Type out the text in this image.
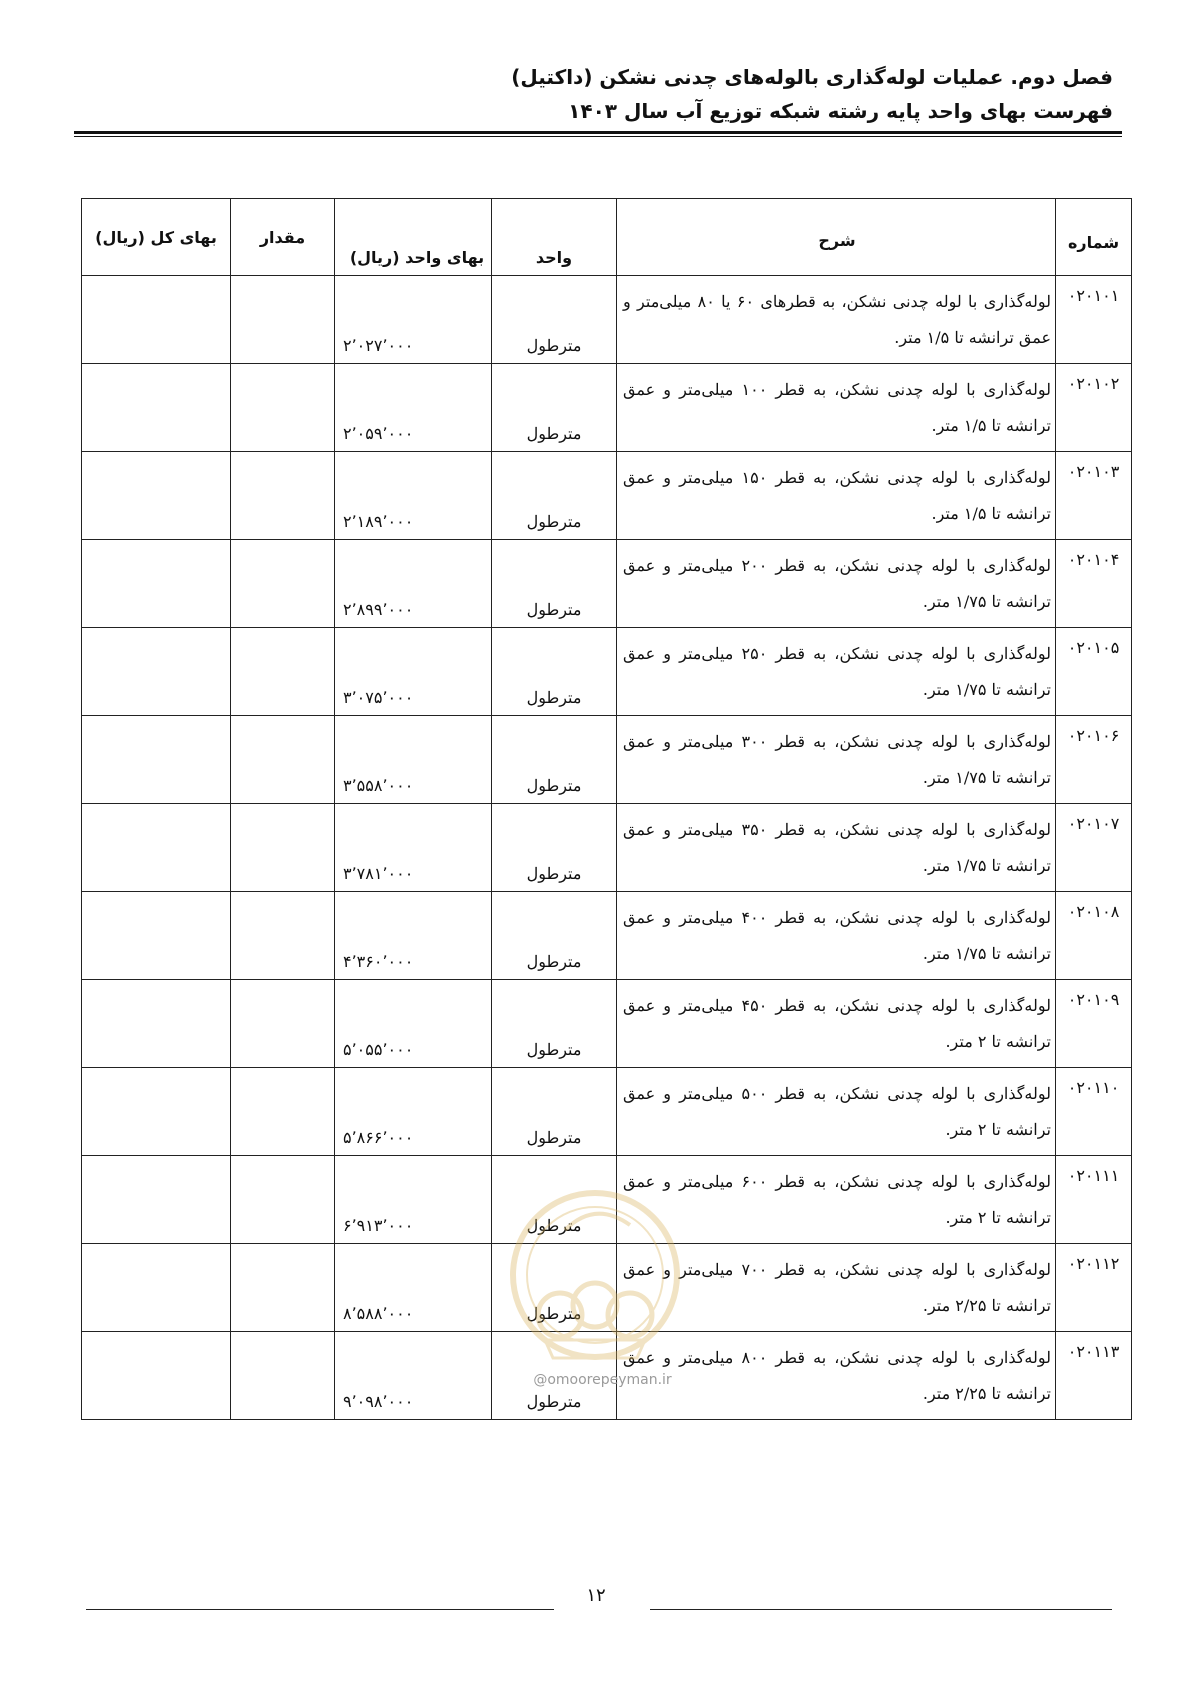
فصل دوم. عملیات لوله‌گذاری بالوله‌های چدنی نشکن (داکتیل)
فهرست بهای واحد پایه رشته شبکه توزیع آب سال ۱۴۰۳
شماره	شرح	واحد	بهای واحد (ریال)	مقدار	بهای کل (ریال)
۰۲۰۱۰۱	لوله‌گذاری با لوله چدنی نشکن، به قطرهای ۶۰ یا ۸۰ میلی‌متر و عمق ترانشه تا ۱/۵ متر.	مترطول	۲٬۰۲۷٬۰۰۰		
۰۲۰۱۰۲	لوله‌گذاری با لوله چدنی نشکن، به قطر ۱۰۰ میلی‌متر و عمق ترانشه تا ۱/۵ متر.	مترطول	۲٬۰۵۹٬۰۰۰		
۰۲۰۱۰۳	لوله‌گذاری با لوله چدنی نشکن، به قطر ۱۵۰ میلی‌متر و عمق ترانشه تا ۱/۵ متر.	مترطول	۲٬۱۸۹٬۰۰۰		
۰۲۰۱۰۴	لوله‌گذاری با لوله چدنی نشکن، به قطر ۲۰۰ میلی‌متر و عمق ترانشه تا ۱/۷۵ متر.	مترطول	۲٬۸۹۹٬۰۰۰		
۰۲۰۱۰۵	لوله‌گذاری با لوله چدنی نشکن، به قطر ۲۵۰ میلی‌متر و عمق ترانشه تا ۱/۷۵ متر.	مترطول	۳٬۰۷۵٬۰۰۰		
۰۲۰۱۰۶	لوله‌گذاری با لوله چدنی نشکن، به قطر ۳۰۰ میلی‌متر و عمق ترانشه تا ۱/۷۵ متر.	مترطول	۳٬۵۵۸٬۰۰۰		
۰۲۰۱۰۷	لوله‌گذاری با لوله چدنی نشکن، به قطر ۳۵۰ میلی‌متر و عمق ترانشه تا ۱/۷۵ متر.	مترطول	۳٬۷۸۱٬۰۰۰		
۰۲۰۱۰۸	لوله‌گذاری با لوله چدنی نشکن، به قطر ۴۰۰ میلی‌متر و عمق ترانشه تا ۱/۷۵ متر.	مترطول	۴٬۳۶۰٬۰۰۰		
۰۲۰۱۰۹	لوله‌گذاری با لوله چدنی نشکن، به قطر ۴۵۰ میلی‌متر و عمق ترانشه تا ۲ متر.	مترطول	۵٬۰۵۵٬۰۰۰		
۰۲۰۱۱۰	لوله‌گذاری با لوله چدنی نشکن، به قطر ۵۰۰ میلی‌متر و عمق ترانشه تا ۲ متر.	مترطول	۵٬۸۶۶٬۰۰۰		
۰۲۰۱۱۱	لوله‌گذاری با لوله چدنی نشکن، به قطر ۶۰۰ میلی‌متر و عمق ترانشه تا ۲ متر.	مترطول	۶٬۹۱۳٬۰۰۰		
۰۲۰۱۱۲	لوله‌گذاری با لوله چدنی نشکن، به قطر ۷۰۰ میلی‌متر و عمق ترانشه تا ۲/۲۵ متر.	مترطول	۸٬۵۸۸٬۰۰۰		
۰۲۰۱۱۳	لوله‌گذاری با لوله چدنی نشکن، به قطر ۸۰۰ میلی‌متر و عمق ترانشه تا ۲/۲۵ متر.	مترطول	۹٬۰۹۸٬۰۰۰		
@omoorepeyman.ir
۱۲
